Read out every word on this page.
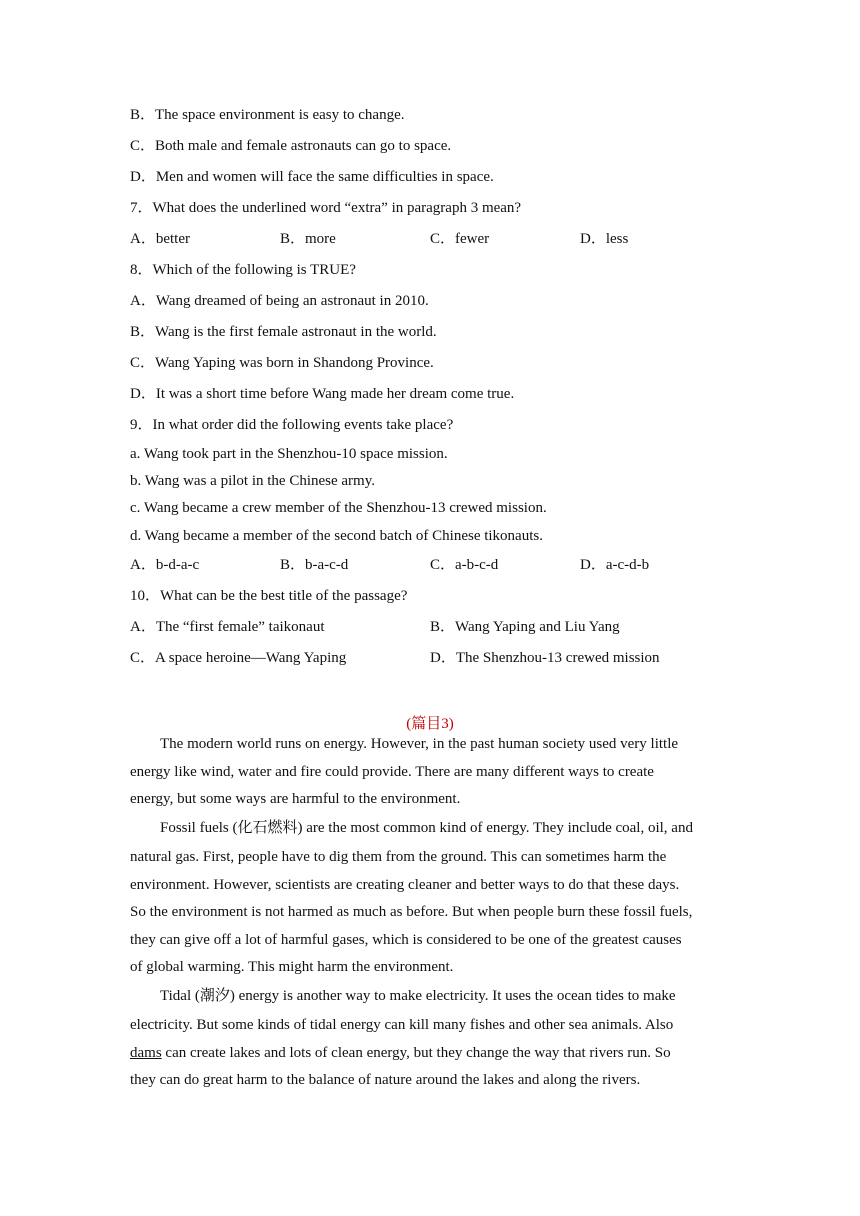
B．The space environment is easy to change.
C．Both male and female astronauts can go to space.
D．Men and women will face the same difficulties in space.
7．What does the underlined word “extra” in paragraph 3 mean?
A．better	B．more	C．fewer	D．less
8．Which of the following is TRUE?
A．Wang dreamed of being an astronaut in 2010.
B．Wang is the first female astronaut in the world.
C．Wang Yaping was born in Shandong Province.
D．It was a short time before Wang made her dream come true.
9．In what order did the following events take place?
a. Wang took part in the Shenzhou-10 space mission.
b. Wang was a pilot in the Chinese army.
c. Wang became a crew member of the Shenzhou-13 crewed mission.
d. Wang became a member of the second batch of Chinese tikonauts.
A．b-d-a-c	B．b-a-c-d	C．a-b-c-d	D．a-c-d-b
10．What can be the best title of the passage?
A．The “first female” taikonaut	B．Wang Yaping and Liu Yang
C．A space heroine—Wang Yaping	D．The Shenzhou-13 crewed mission
(篇目3)
The modern world runs on energy. However, in the past human society used very little
energy like wind, water and fire could provide. There are many different ways to create
energy, but some ways are harmful to the environment.
Fossil fuels (化石燃料) are the most common kind of energy. They include coal, oil, and
natural gas. First, people have to dig them from the ground. This can sometimes harm the
environment. However, scientists are creating cleaner and better ways to do that these days.
So the environment is not harmed as much as before. But when people burn these fossil fuels,
they can give off a lot of harmful gases, which is considered to be one of the greatest causes
of global warming. This might harm the environment.
Tidal (潮汐) energy is another way to make electricity. It uses the ocean tides to make
electricity. But some kinds of tidal energy can kill many fishes and other sea animals. Also
dams can create lakes and lots of clean energy, but they change the way that rivers run. So
they can do great harm to the balance of nature around the lakes and along the rivers.
